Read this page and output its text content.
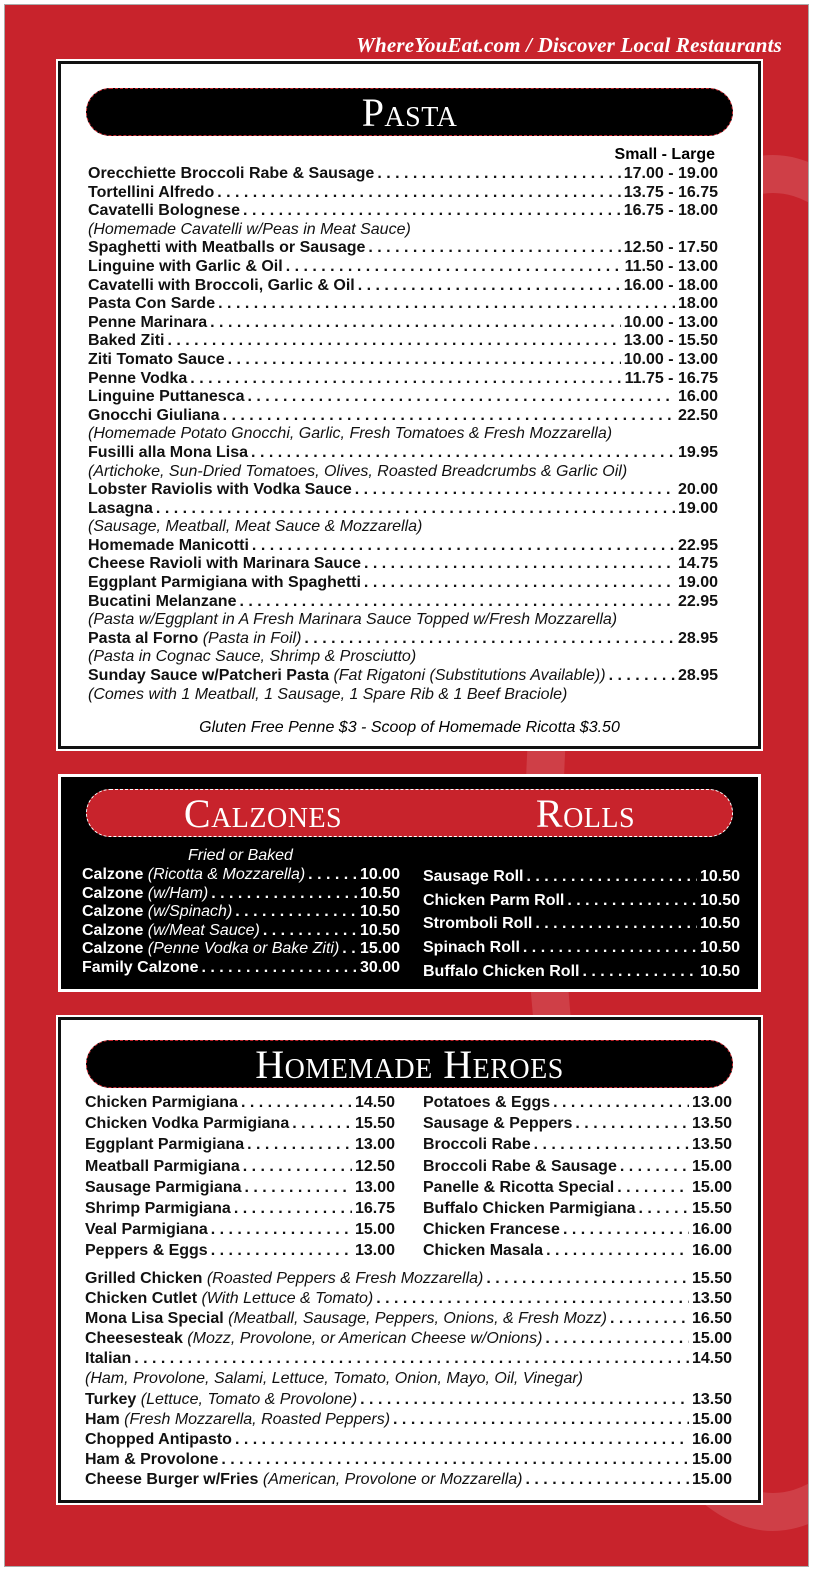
WhereYouEat.com / Discover Local Restaurants
Pasta
Small - Large
Orecchiette Broccoli Rabe & Sausage . . .	17.00 - 19.00
Tortellini Alfredo . . .	13.75 - 16.75
Cavatelli Bolognese . . .	16.75 - 18.00
(Homemade Cavatelli w/Peas in Meat Sauce)
Spaghetti with Meatballs or Sausage . . .	12.50 - 17.50
Linguine with Garlic & Oil . . .	11.50 - 13.00
Cavatelli with Broccoli, Garlic & Oil . . .	16.00 - 18.00
Pasta Con Sarde . . .	18.00
Penne Marinara . . .	10.00 - 13.00
Baked Ziti . . .	13.00 - 15.50
Ziti Tomato Sauce . . .	10.00 - 13.00
Penne Vodka . . .	11.75 - 16.75
Linguine Puttanesca . . .	16.00
Gnocchi Giuliana . . .	22.50
(Homemade Potato Gnocchi, Garlic, Fresh Tomatoes & Fresh Mozzarella)
Fusilli alla Mona Lisa . . .	19.95
(Artichoke, Sun-Dried Tomatoes, Olives, Roasted Breadcrumbs & Garlic Oil)
Lobster Raviolis with Vodka Sauce . . .	20.00
Lasagna . . .	19.00
(Sausage, Meatball, Meat Sauce & Mozzarella)
Homemade Manicotti . . .	22.95
Cheese Ravioli with Marinara Sauce . . .	14.75
Eggplant Parmigiana with Spaghetti . . .	19.00
Bucatini Melanzane . . .	22.95
(Pasta w/Eggplant in A Fresh Marinara Sauce Topped w/Fresh Mozzarella)
Pasta al Forno
(Pasta in Foil) . . .	28.95
(Pasta in Cognac Sauce, Shrimp & Prosciutto)
Sunday Sauce w/Patcheri Pasta
(Fat Rigatoni (Substitutions Available)) . . .	28.95
(Comes with 1 Meatball, 1 Sausage, 1 Spare Rib & 1 Beef Braciole)
Gluten Free Penne $3 - Scoop of Homemade Ricotta $3.50
Calzones	Rolls
Fried or Baked
Calzone
(Ricotta & Mozzarella) . . .	10.00
Calzone
(w/Ham) . . .	10.50
Calzone
(w/Spinach) . . .	10.50
Calzone
(w/Meat Sauce) . . .	10.50
Calzone
(Penne Vodka or Bake Ziti) . . . 15.00
Family Calzone . . .	30.00
Sausage Roll . . .	10.50
Chicken Parm Roll . . .	10.50
Stromboli Roll . . .	10.50
Spinach Roll . . .	10.50
Buffalo Chicken Roll . . .	10.50
Homemade Heroes
Chicken Parmigiana . . .	14.50
Chicken Vodka Parmigiana . . .	15.50
Eggplant Parmigiana . . .	13.00
Meatball Parmigiana . . .	12.50
Sausage Parmigiana . . .	13.00
Shrimp Parmigiana . . .	16.75
Veal Parmigiana . . .	15.00
Peppers & Eggs . . .	13.00
Potatoes & Eggs . . .	13.00
Sausage & Peppers . . .	13.50
Broccoli Rabe . . .	13.50
Broccoli Rabe & Sausage . . .	15.00
Panelle & Ricotta Special . . .	15.00
Buffalo Chicken Parmigiana . . .	15.50
Chicken Francese . . .	16.00
Chicken Masala . . .	16.00
Grilled Chicken
(Roasted Peppers & Fresh Mozzarella) . . .	15.50
Chicken Cutlet
(With Lettuce & Tomato) . . .	13.50
Mona Lisa Special
(Meatball, Sausage, Peppers, Onions, & Fresh Mozz) . . .	16.50
Cheesesteak
(Mozz, Provolone, or American Cheese w/Onions) . . .	15.00
Italian . . .	14.50
(Ham, Provolone, Salami, Lettuce, Tomato, Onion, Mayo, Oil, Vinegar)
Turkey
(Lettuce, Tomato & Provolone) . . .	13.50
Ham
(Fresh Mozzarella, Roasted Peppers) . . .	15.00
Chopped Antipasto . . .	16.00
Ham & Provolone . . .	15.00
Cheese Burger w/Fries
(American, Provolone or Mozzarella) . . .	15.00
